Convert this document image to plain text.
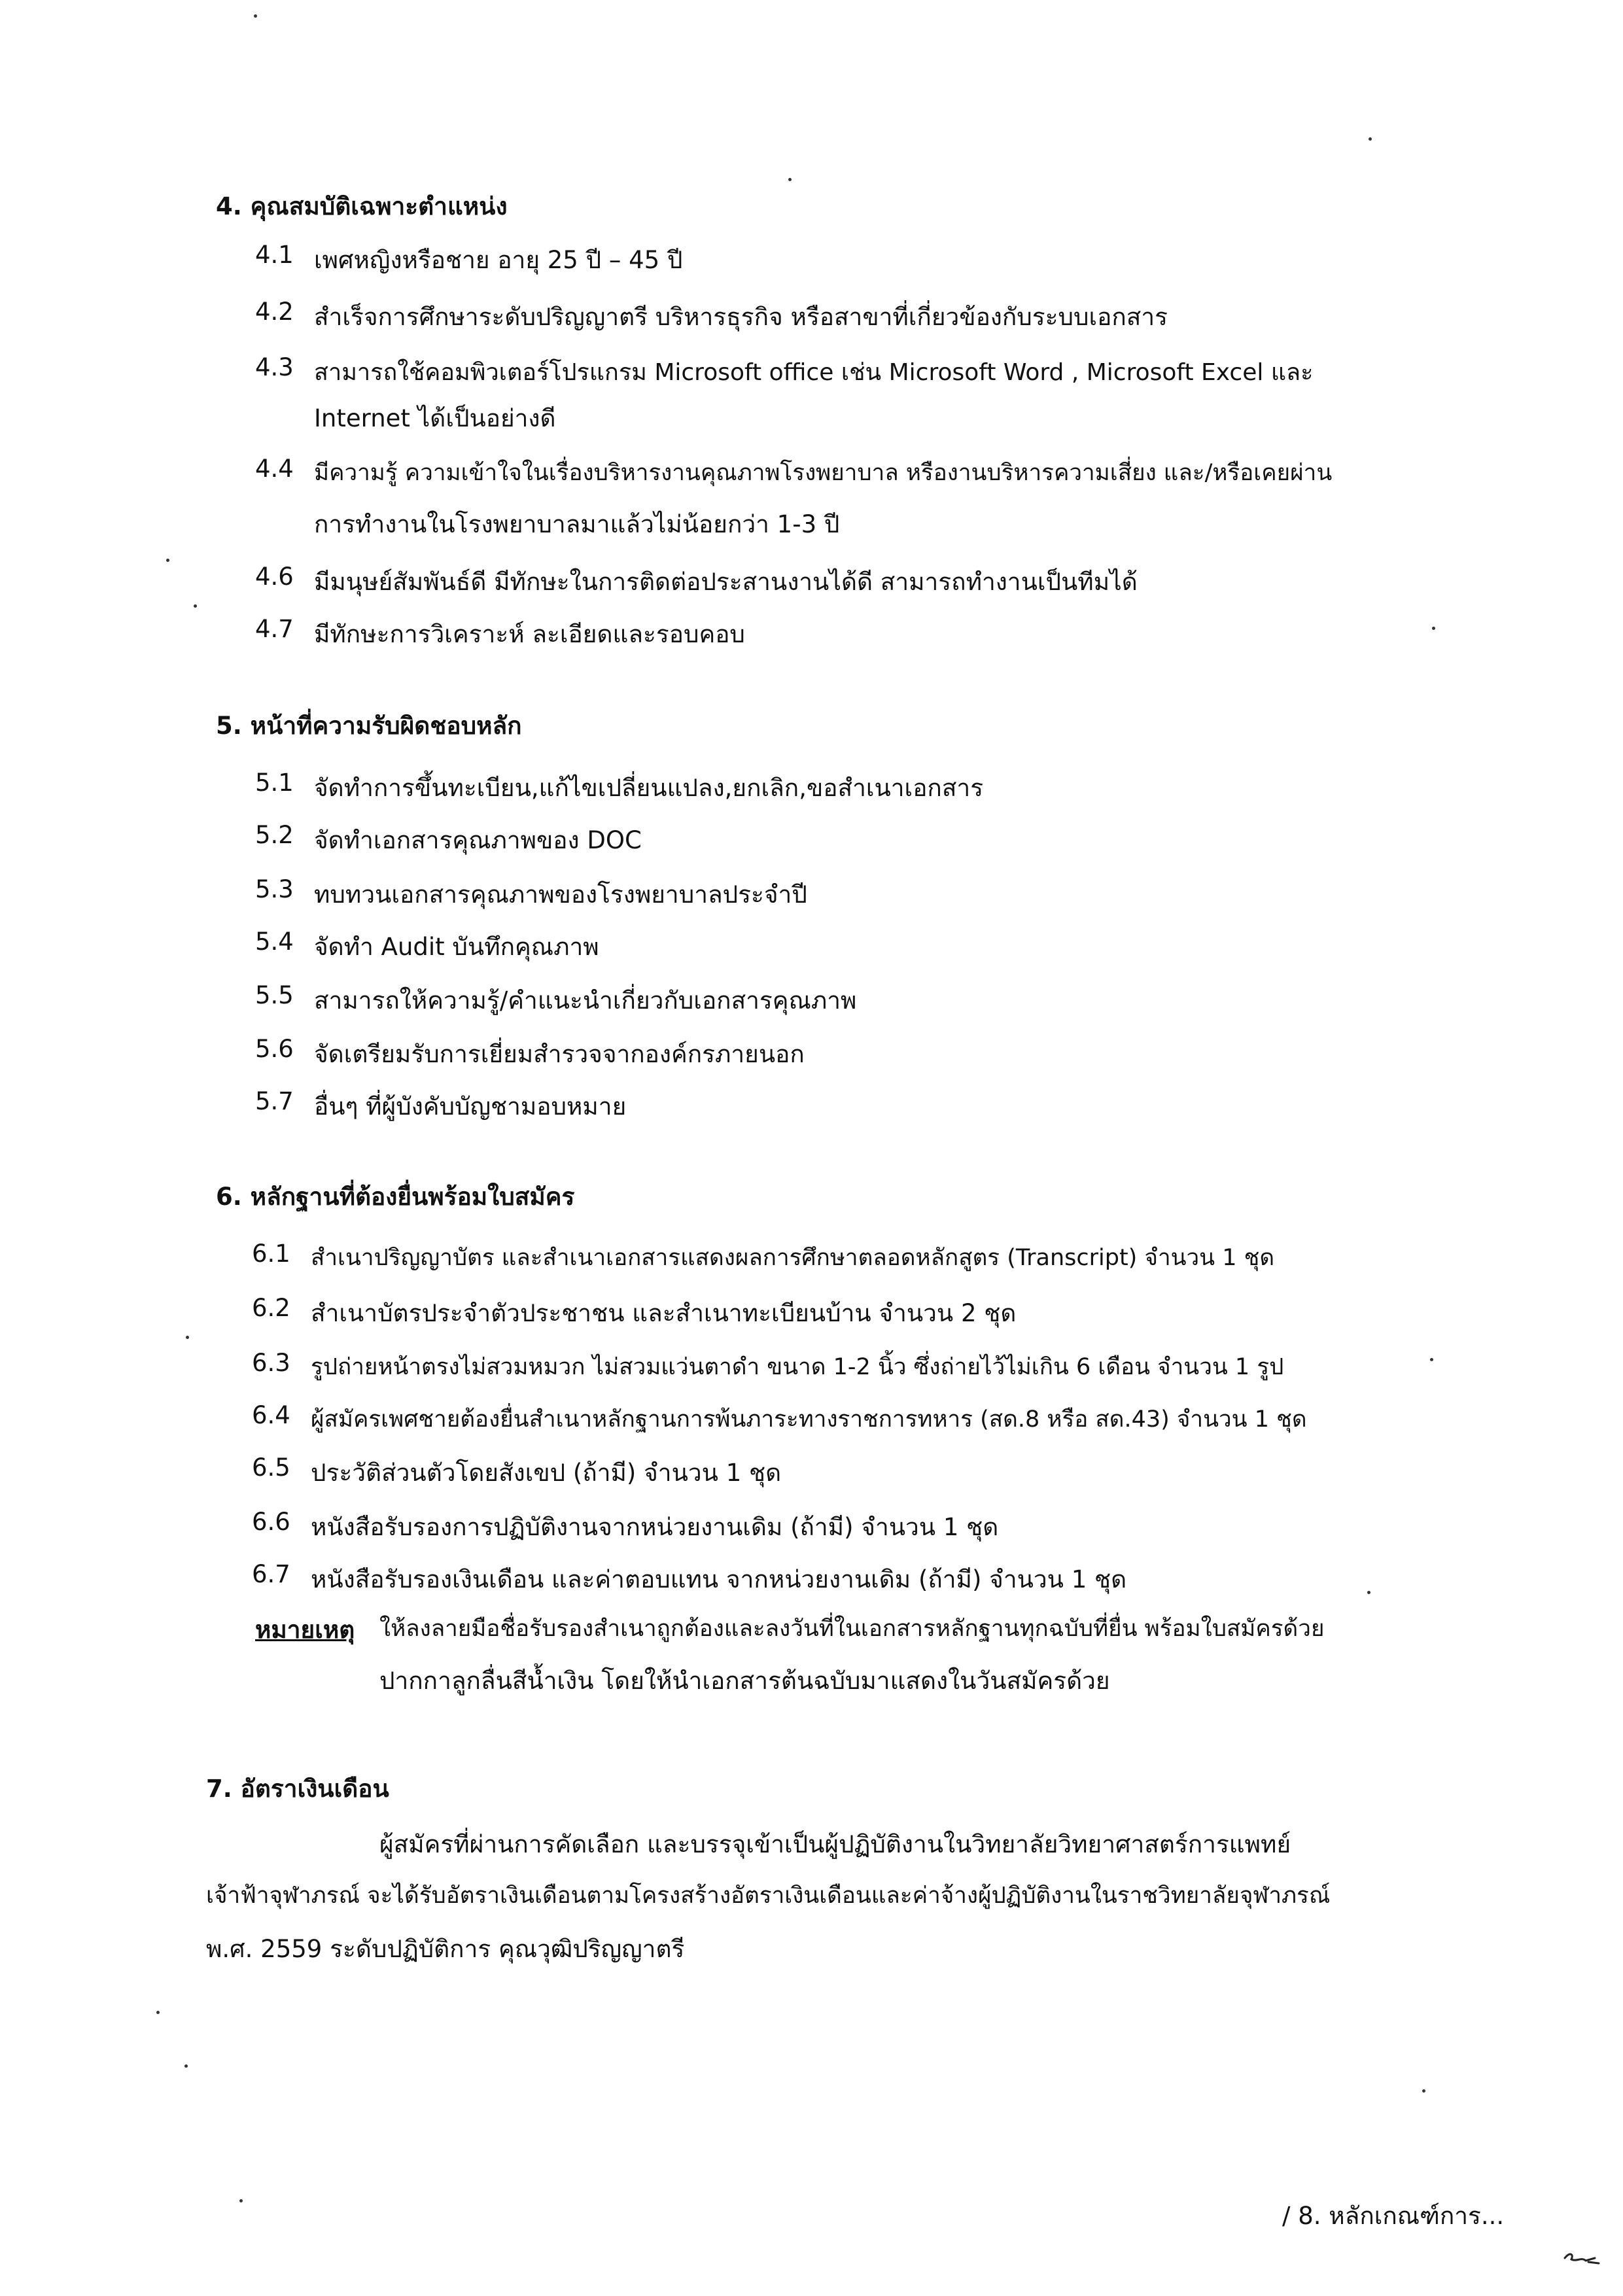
4. คุณสมบัติเฉพาะตำแหน่ง
4.1 เพศหญิงหรือชาย อายุ 25 ปี – 45 ปี
4.2 สำเร็จการศึกษาระดับปริญญาตรี บริหารธุรกิจ หรือสาขาที่เกี่ยวข้องกับระบบเอกสาร
4.3 สามารถใช้คอมพิวเตอร์โปรแกรม Microsoft office เช่น Microsoft Word , Microsoft Excel และ
Internet ได้เป็นอย่างดี
4.4 มีความรู้ ความเข้าใจในเรื่องบริหารงานคุณภาพโรงพยาบาล หรืองานบริหารความเสี่ยง และ/หรือเคยผ่าน
การทำงานในโรงพยาบาลมาแล้วไม่น้อยกว่า 1-3 ปี
4.6 มีมนุษย์สัมพันธ์ดี มีทักษะในการติดต่อประสานงานได้ดี สามารถทำงานเป็นทีมได้
4.7 มีทักษะการวิเคราะห์ ละเอียดและรอบคอบ
5. หน้าที่ความรับผิดชอบหลัก
5.1 จัดทำการขึ้นทะเบียน,แก้ไขเปลี่ยนแปลง,ยกเลิก,ขอสำเนาเอกสาร
5.2 จัดทำเอกสารคุณภาพของ DOC
5.3 ทบทวนเอกสารคุณภาพของโรงพยาบาลประจำปี
5.4 จัดทำ Audit บันทึกคุณภาพ
5.5 สามารถให้ความรู้/คำแนะนำเกี่ยวกับเอกสารคุณภาพ
5.6 จัดเตรียมรับการเยี่ยมสำรวจจากองค์กรภายนอก
5.7 อื่นๆ ที่ผู้บังคับบัญชามอบหมาย
6. หลักฐานที่ต้องยื่นพร้อมใบสมัคร
6.1 สำเนาปริญญาบัตร และสำเนาเอกสารแสดงผลการศึกษาตลอดหลักสูตร (Transcript) จำนวน 1 ชุด
6.2 สำเนาบัตรประจำตัวประชาชน และสำเนาทะเบียนบ้าน จำนวน 2 ชุด
6.3 รูปถ่ายหน้าตรงไม่สวมหมวก ไม่สวมแว่นตาดำ ขนาด 1-2 นิ้ว ซึ่งถ่ายไว้ไม่เกิน 6 เดือน จำนวน 1 รูป
6.4 ผู้สมัครเพศชายต้องยื่นสำเนาหลักฐานการพ้นภาระทางราชการทหาร (สด.8 หรือ สด.43) จำนวน 1 ชุด
6.5 ประวัติส่วนตัวโดยสังเขป (ถ้ามี) จำนวน 1 ชุด
6.6 หนังสือรับรองการปฏิบัติงานจากหน่วยงานเดิม (ถ้ามี) จำนวน 1 ชุด
6.7 หนังสือรับรองเงินเดือน และค่าตอบแทน จากหน่วยงานเดิม (ถ้ามี) จำนวน 1 ชุด
หมายเหตุ ให้ลงลายมือชื่อรับรองสำเนาถูกต้องและลงวันที่ในเอกสารหลักฐานทุกฉบับที่ยื่น พร้อมใบสมัครด้วย
ปากกาลูกลื่นสีน้ำเงิน โดยให้นำเอกสารต้นฉบับมาแสดงในวันสมัครด้วย
7. อัตราเงินเดือน
ผู้สมัครที่ผ่านการคัดเลือก และบรรจุเข้าเป็นผู้ปฏิบัติงานในวิทยาลัยวิทยาศาสตร์การแพทย์
เจ้าฟ้าจุฬาภรณ์ จะได้รับอัตราเงินเดือนตามโครงสร้างอัตราเงินเดือนและค่าจ้างผู้ปฏิบัติงานในราชวิทยาลัยจุฬาภรณ์
พ.ศ. 2559 ระดับปฏิบัติการ คุณวุฒิปริญญาตรี
/ 8. หลักเกณฑ์การ...
